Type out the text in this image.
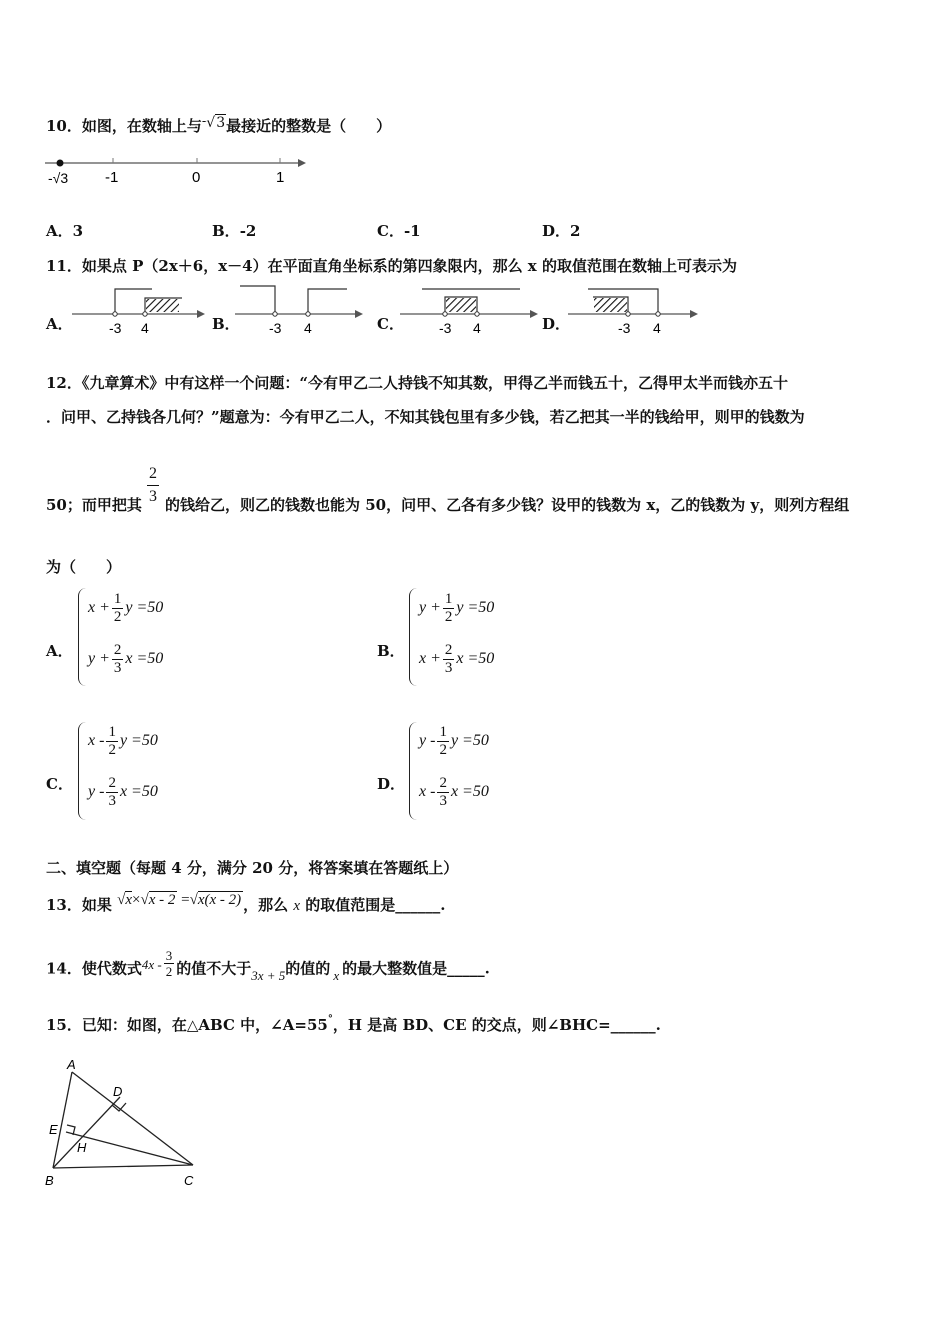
10．如图，在数轴上与-√3最接近的整数是（　　）
-√3 -1	0	1
A．3	B．-2	C．-1	D．2
11．如果点 P（2x＋6，x－4）在平面直角坐标系的第四象限内，那么 x 的取值范围在数轴上可表示为
A．	-3 4	B． -3 4	C．	-3 4	D．	-3 4
12．《九章算术》中有这样一个问题：“今有甲乙二人持钱不知其数，甲得乙半而钱五十，乙得甲太半而钱亦五十
．问甲、乙持钱各几何？”题意为：今有甲乙二人，不知其钱包里有多少钱，若乙把其一半的钱给甲，则甲的钱数为
50；而甲把其 $\frac{2}{3}$ 的钱给乙，则乙的钱数也能为 50，问甲、乙各有多少钱？设甲的钱数为 x，乙的钱数为 y，则列方程组
为（　　）
A．
$x + \frac{1}{2}$ y =50
$y + \frac{2}{3}$ x =50	B．
$y + \frac{1}{2}$ y =50
$x + \frac{2}{3}$ x =50
C．
x - $\frac{1}{2}$ y =50
y - $\frac{2}{3}$ x =50	D．
y - $\frac{1}{2}$ y =50
x - $\frac{2}{3}$ x =50
二、填空题（每题 4 分，满分 20 分，将答案填在答题纸上）
13．如果 √x×√x - 2 =√x(x - 2) ，那么 x 的取值范围是______.
14．使代数式$4x - \frac{3}{2}$ 的值不大于3x + 5的值的 x 的最大整数值是_____.
15．已知：如图，在△ABC 中，∠A=55°，H 是高 BD、CE 的交点，则∠BHC=______.
A
B	C
D
E
H
